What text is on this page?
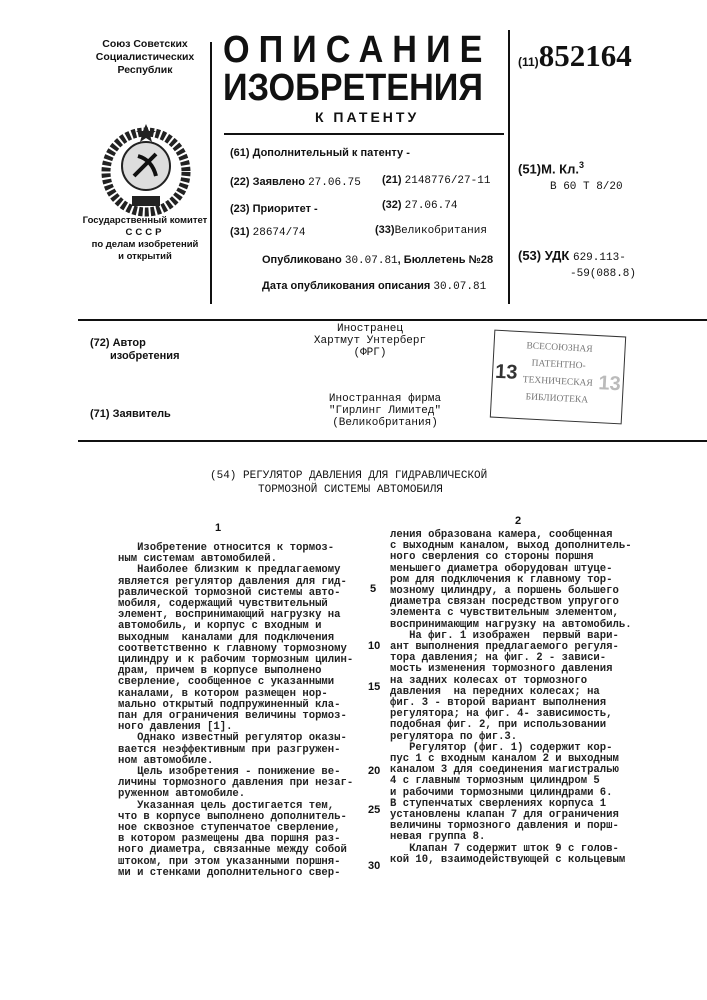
Союз Советских
Социалистических
Республик
Государственный комитет
СССР
по делам изобретений
и открытий
ОПИСАНИЕ
ИЗОБРЕТЕНИЯ
К ПАТЕНТУ
(11)852164
(61) Дополнительный к патенту -
(22) Заявлено 27.06.75 (21) 2148776/27-11
(23) Приоритет -	(32) 27.06.74
(31) 28674/74	(33)Великобритания
Опубликовано 30.07.81, Бюллетень №28
Дата опубликования описания 30.07.81
(51)М. Кл.3
В 60 Т 8/20
(53) УДК 629.113-
-59(088.8)
(72) Автор
изобретения
Иностранец
Хартмут Унтерберг
(ФРГ)
(71) Заявитель
Иностранная фирма
"Гирлинг Лимитед"
(Великобритания)
ВСЕСОЮЗНАЯ
ПАТЕНТНО-
ТЕХНИЧЕСКАЯ
БИБЛИОТЕКА
13	13
(54) РЕГУЛЯТОР ДАВЛЕНИЯ ДЛЯ ГИДРАВЛИЧЕСКОЙ
ТОРМОЗНОЙ СИСТЕМЫ АВТОМОБИЛЯ
1
2
Изобретение относится к тормоз-
ным системам автомобилей.
Наиболее близким к предлагаемому
является регулятор давления для гид-
равлической тормозной системы авто-
мобиля, содержащий чувствительный
элемент, воспринимающий нагрузку на
автомобиль, и корпус с входным и
выходным  каналами для подключения
соответственно к главному тормозному
цилиндру и к рабочим тормозным цилин-
драм, причем в корпусе выполнено
сверление, сообщенное с указанными
каналами, в котором размещен нор-
мально открытый подпружиненный кла-
пан для ограничения величины тормоз-
ного давления [1].
Однако известный регулятор оказы-
вается неэффективным при разгружен-
ном автомобиле.
Цель изобретения - понижение ве-
личины тормозного давления при незаг-
руженном автомобиле.
Указанная цель достигается тем,
что в корпусе выполнено дополнитель-
ное сквозное ступенчатое сверление,
в котором размещены два поршня раз-
ного диаметра, связанные между собой
штоком, при этом указанными поршня-
ми и стенками дополнительного свер-
ления образована камера, сообщенная
с выходным каналом, выход дополнитель-
ного сверления со стороны поршня
меньшего диаметра оборудован штуце-
ром для подключения к главному тор-
мозному цилиндру, а поршень большего
диаметра связан посредством упругого
элемента с чувствительным элементом,
воспринимающим нагрузку на автомобиль.
На фиг. 1 изображен  первый вари-
ант выполнения предлагаемого регуля-
тора давления; на фиг. 2 - зависи-
мость изменения тормозного давления
на задних колесах от тормозного
давления  на передних колесах; на
фиг. 3 - второй вариант выполнения
регулятора; на фиг. 4- зависимость,
подобная фиг. 2, при использовании
регулятора по фиг.3.
Регулятор (фиг. 1) содержит кор-
пус 1 с входным каналом 2 и выходным
каналом 3 для соединения магистралью
4 с главным тормозным цилиндром 5
и рабочими тормозными цилиндрами 6.
В ступенчатых сверлениях корпуса 1
установлены клапан 7 для ограничения
величины тормозного давления и порш-
невая группа 8.
Клапан 7 содержит шток 9 с голов-
кой 10, взаимодействующей с кольцевым
5
10
15
20
25
30
